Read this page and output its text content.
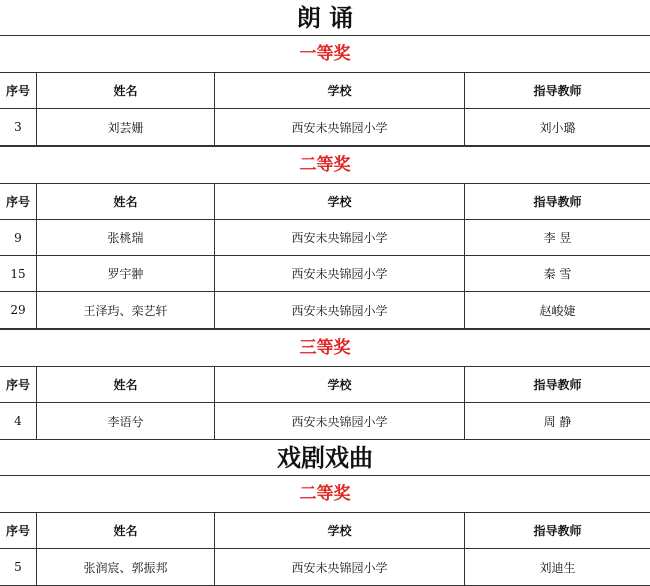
朗 诵
一等奖
序号	姓名	学校	指导教师
3	刘芸姗	西安未央锦园小学	刘小璐
二等奖
序号	姓名	学校	指导教师
9	张桃瑞	西安未央锦园小学	李 昱
15	罗宇翀	西安未央锦园小学	秦 雪
29	王泽玙、栾艺轩	西安未央锦园小学	赵峻婕
三等奖
序号	姓名	学校	指导教师
4	李语兮	西安未央锦园小学	周 静
戏剧戏曲
二等奖
序号	姓名	学校	指导教师
5	张润宸、郭振邦	西安未央锦园小学	刘迪生
